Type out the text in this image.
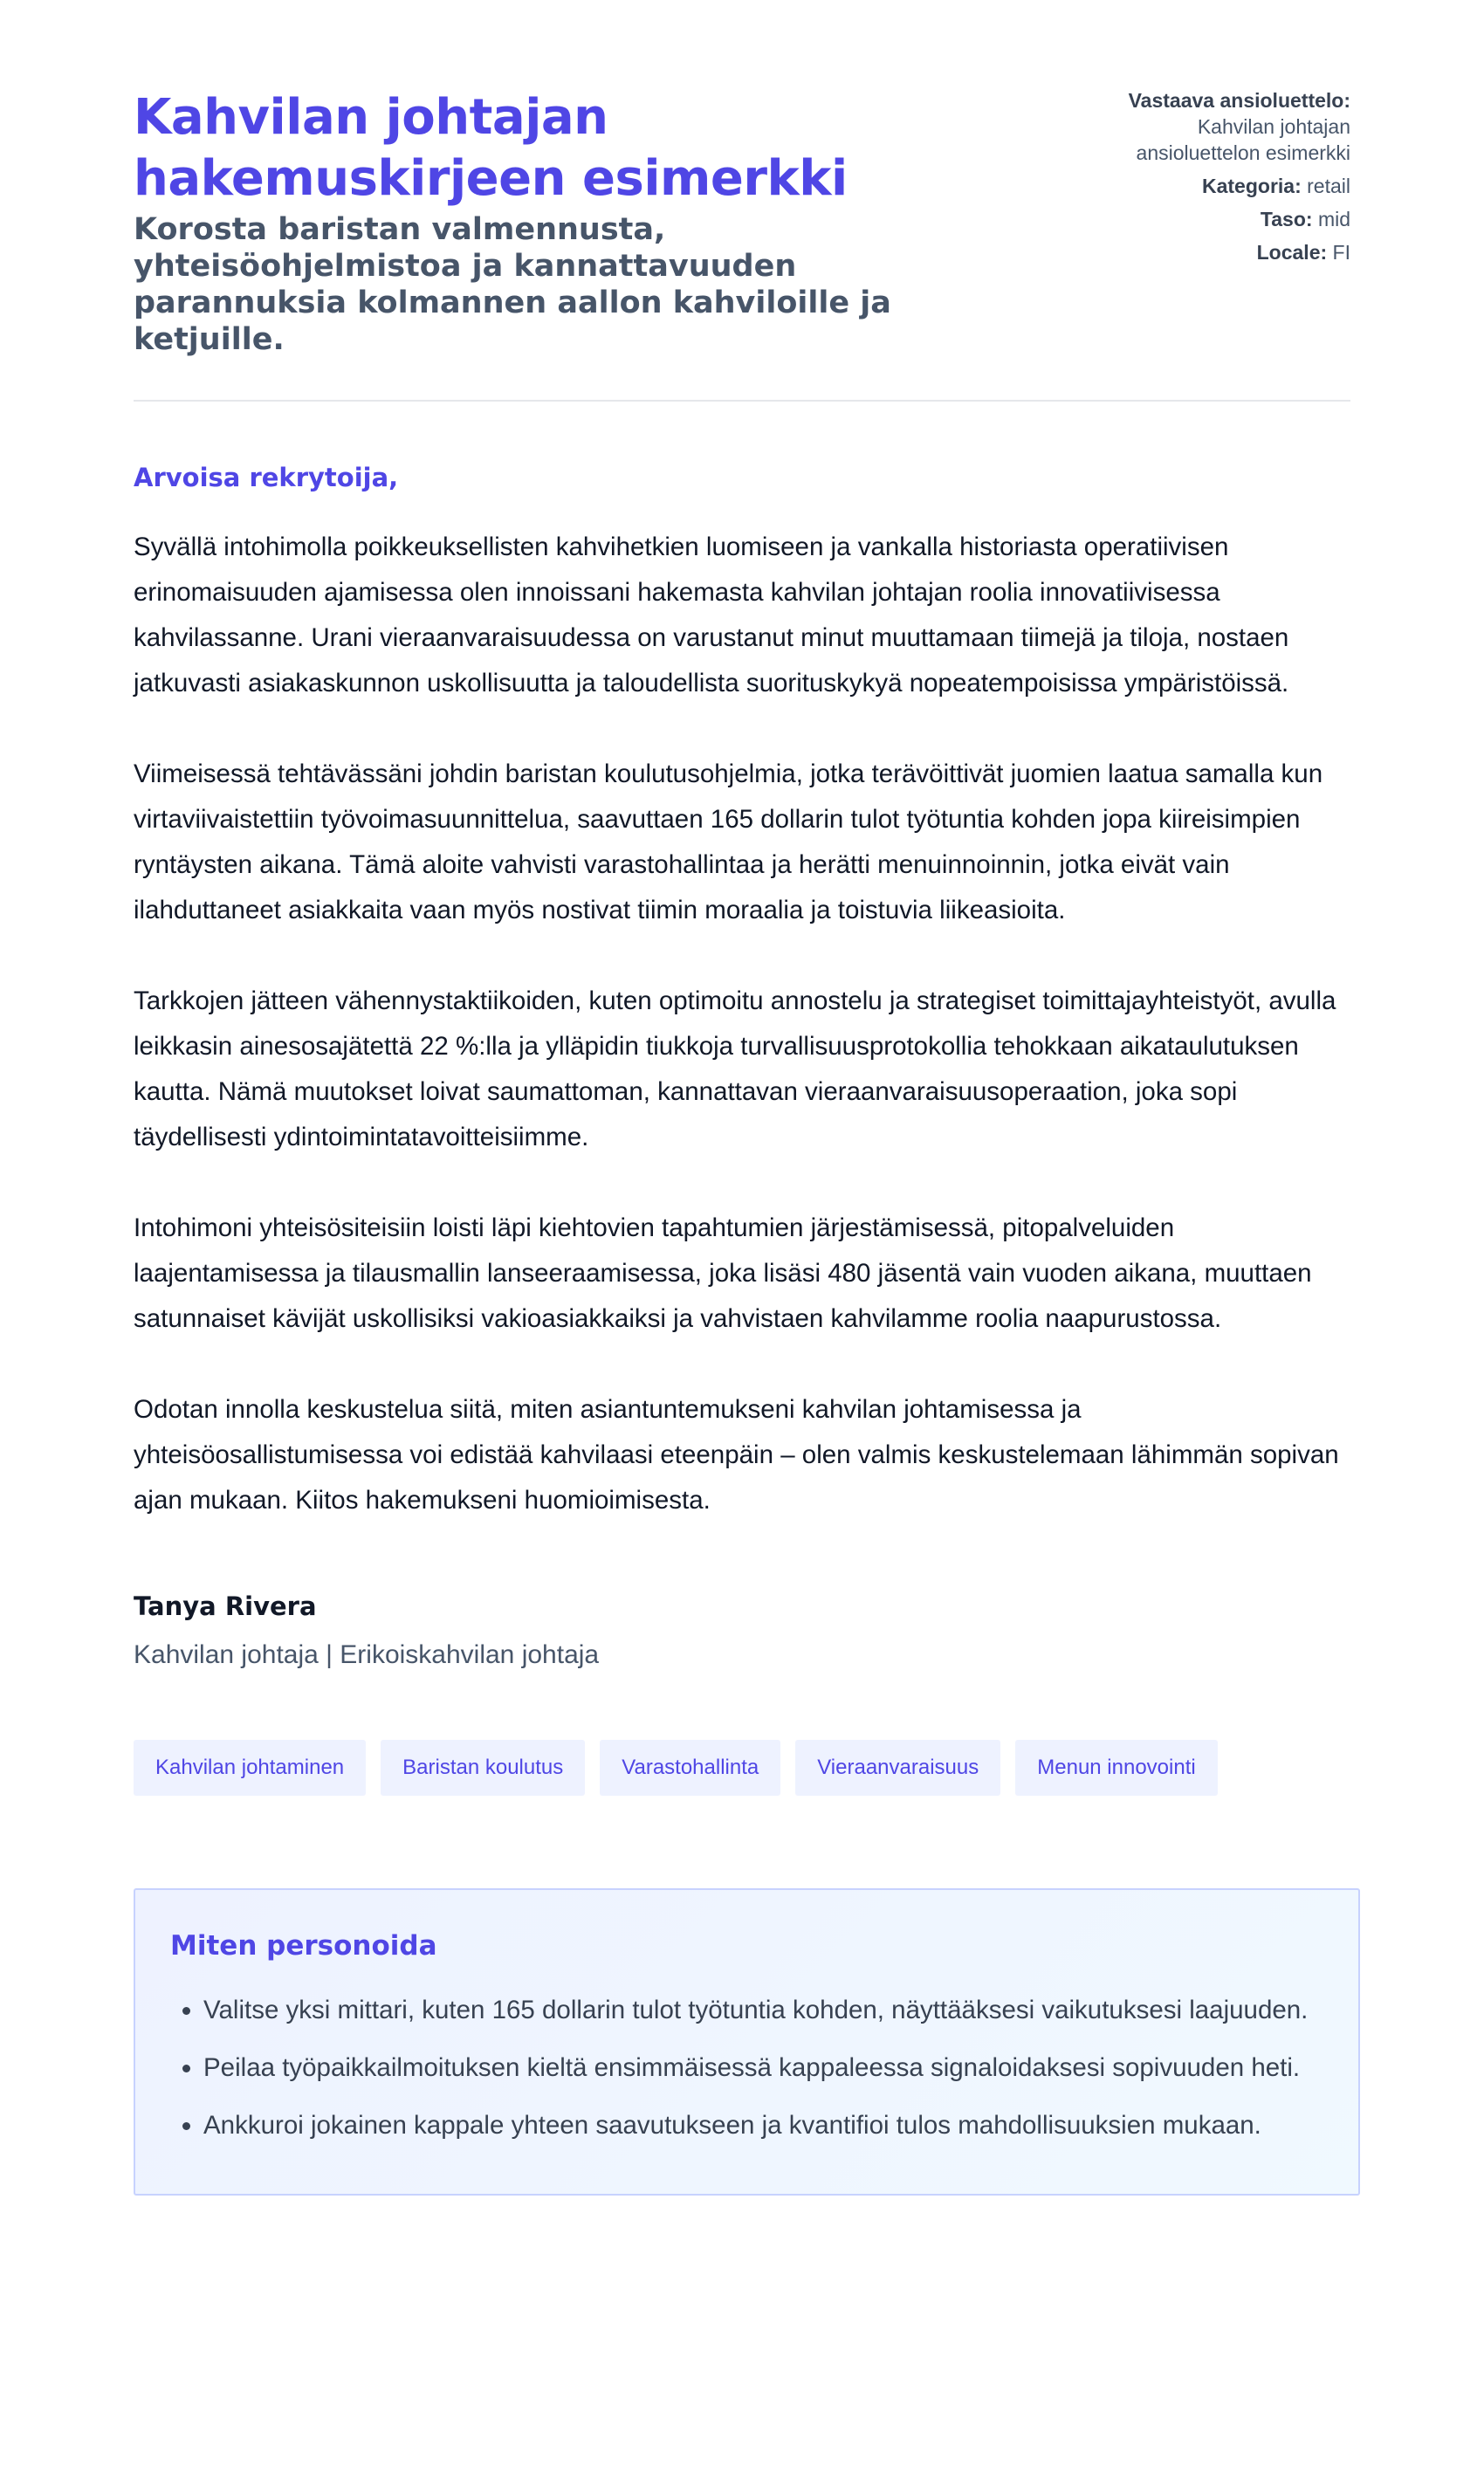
Kahvilan johtajan hakemuskirjeen esimerkki
Korosta baristan valmennusta, yhteisöohjelmistoa ja kannattavuuden parannuksia kolmannen aallon kahviloille ja ketjuille.
Vastaava ansioluettelo:
Kahvilan johtajan ansioluettelon esimerkki
Kategoria: retail
Taso: mid
Locale: FI
Arvoisa rekrytoija,

Syvällä intohimolla poikkeuksellisten kahvihetkien luomiseen ja vankalla historiasta operatiivisen erinomaisuuden ajamisessa olen innoissani hakemasta kahvilan johtajan roolia innovatiivisessa kahvilassanne. Urani vieraanvaraisuudessa on varustanut minut muuttamaan tiimejä ja tiloja, nostaen jatkuvasti asiakaskunnon uskollisuutta ja taloudellista suorituskykyä nopeatempoisissa ympäristöissä.

Viimeisessä tehtävässäni johdin baristan koulutusohjelmia, jotka terävöittivät juomien laatua samalla kun virtaviivaistettiin työvoimasuunnittelua, saavuttaen 165 dollarin tulot työtuntia kohden jopa kiireisimpien ryntäysten aikana. Tämä aloite vahvisti varastohallintaa ja herätti menuinnoinnin, jotka eivät vain ilahduttaneet asiakkaita vaan myös nostivat tiimin moraalia ja toistuvia liikeasioita.

Tarkkojen jätteen vähennystaktiikoiden, kuten optimoitu annostelu ja strategiset toimittajayhteistyöt, avulla leikkasin ainesosajätettä 22 %:lla ja ylläpidin tiukkoja turvallisuusprotokollia tehokkaan aikataulutuksen kautta. Nämä muutokset loivat saumattoman, kannattavan vieraanvaraisuusoperaation, joka sopi täydellisesti ydintoimintatavoitteisiimme.

Intohimoni yhteisösiteisiin loisti läpi kiehtovien tapahtumien järjestämisessä, pitopalveluiden laajentamisessa ja tilausmallin lanseeraamisessa, joka lisäsi 480 jäsentä vain vuoden aikana, muuttaen satunnaiset kävijät uskollisiksi vakioasiakkaiksi ja vahvistaen kahvilamme roolia naapurustossa.

Odotan innolla keskustelua siitä, miten asiantuntemukseni kahvilan johtamisessa ja yhteisöosallistumisessa voi edistää kahvilaasi eteenpäin – olen valmis keskustelemaan lähimmän sopivan ajan mukaan. Kiitos hakemukseni huomioimisesta.

Tanya Rivera
Kahvilan johtaja | Erikoiskahvilan johtaja
Kahvilan johtaminen	Baristan koulutus	Varastohallinta	Vieraanvaraisuus	Menun innovointi
Miten personoida
• Valitse yksi mittari, kuten 165 dollarin tulot työtuntia kohden, näyttääksesi vaikutuksesi laajuuden.
• Peilaa työpaikkailmoituksen kieltä ensimmäisessä kappaleessa signaloidaksesi sopivuuden heti.
• Ankkuroi jokainen kappale yhteen saavutukseen ja kvantifioi tulos mahdollisuuksien mukaan.
